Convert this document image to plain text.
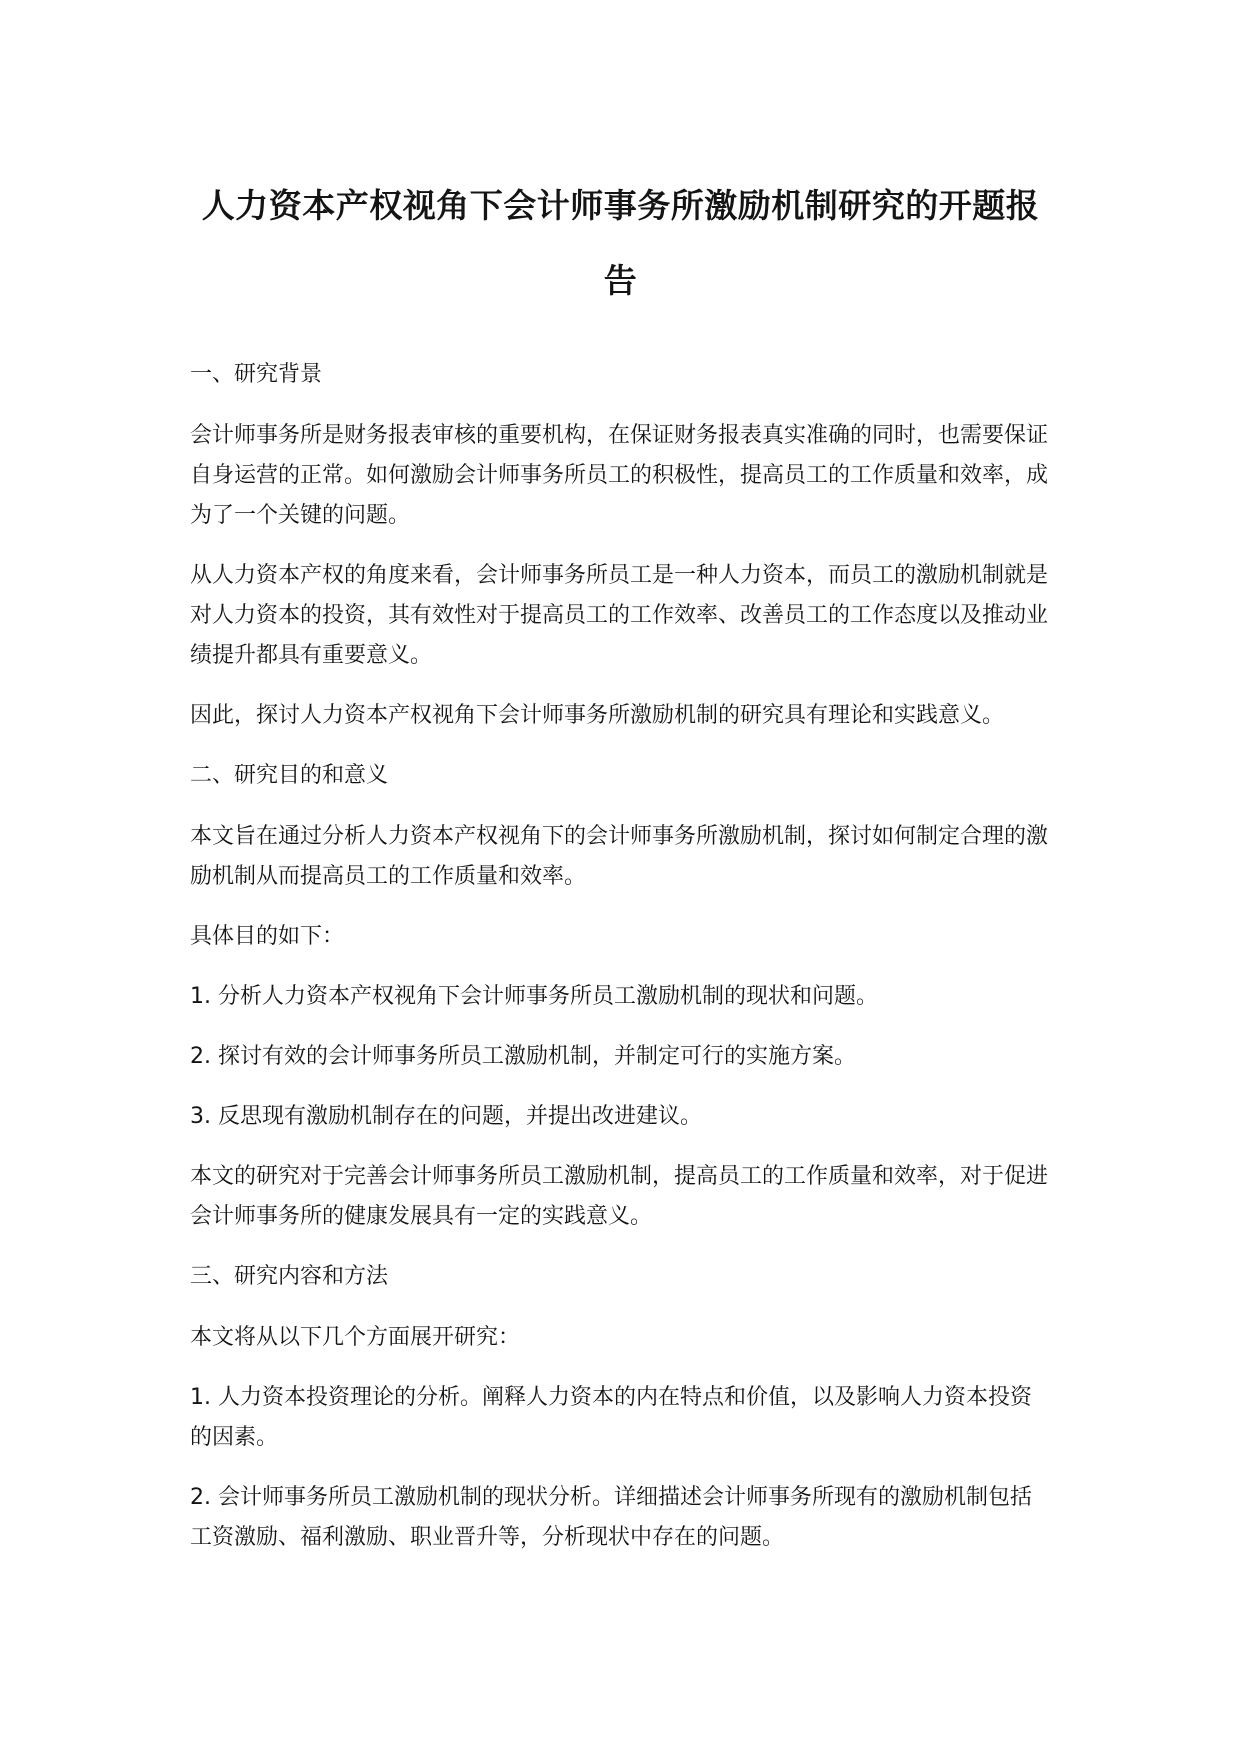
人力资本产权视角下会计师事务所激励机制研究的开题报告

一、研究背景

会计师事务所是财务报表审核的重要机构，在保证财务报表真实准确的同时，也需要保证自身运营的正常。如何激励会计师事务所员工的积极性，提高员工的工作质量和效率，成为了一个关键的问题。

从人力资本产权的角度来看，会计师事务所员工是一种人力资本，而员工的激励机制就是对人力资本的投资，其有效性对于提高员工的工作效率、改善员工的工作态度以及推动业绩提升都具有重要意义。

因此，探讨人力资本产权视角下会计师事务所激励机制的研究具有理论和实践意义。

二、研究目的和意义

本文旨在通过分析人力资本产权视角下的会计师事务所激励机制，探讨如何制定合理的激励机制从而提高员工的工作质量和效率。

具体目的如下：

1. 分析人力资本产权视角下会计师事务所员工激励机制的现状和问题。

2. 探讨有效的会计师事务所员工激励机制，并制定可行的实施方案。

3. 反思现有激励机制存在的问题，并提出改进建议。

本文的研究对于完善会计师事务所员工激励机制，提高员工的工作质量和效率，对于促进会计师事务所的健康发展具有一定的实践意义。

三、研究内容和方法

本文将从以下几个方面展开研究：

1. 人力资本投资理论的分析。阐释人力资本的内在特点和价值，以及影响人力资本投资的因素。

2. 会计师事务所员工激励机制的现状分析。详细描述会计师事务所现有的激励机制包括工资激励、福利激励、职业晋升等，分析现状中存在的问题。
